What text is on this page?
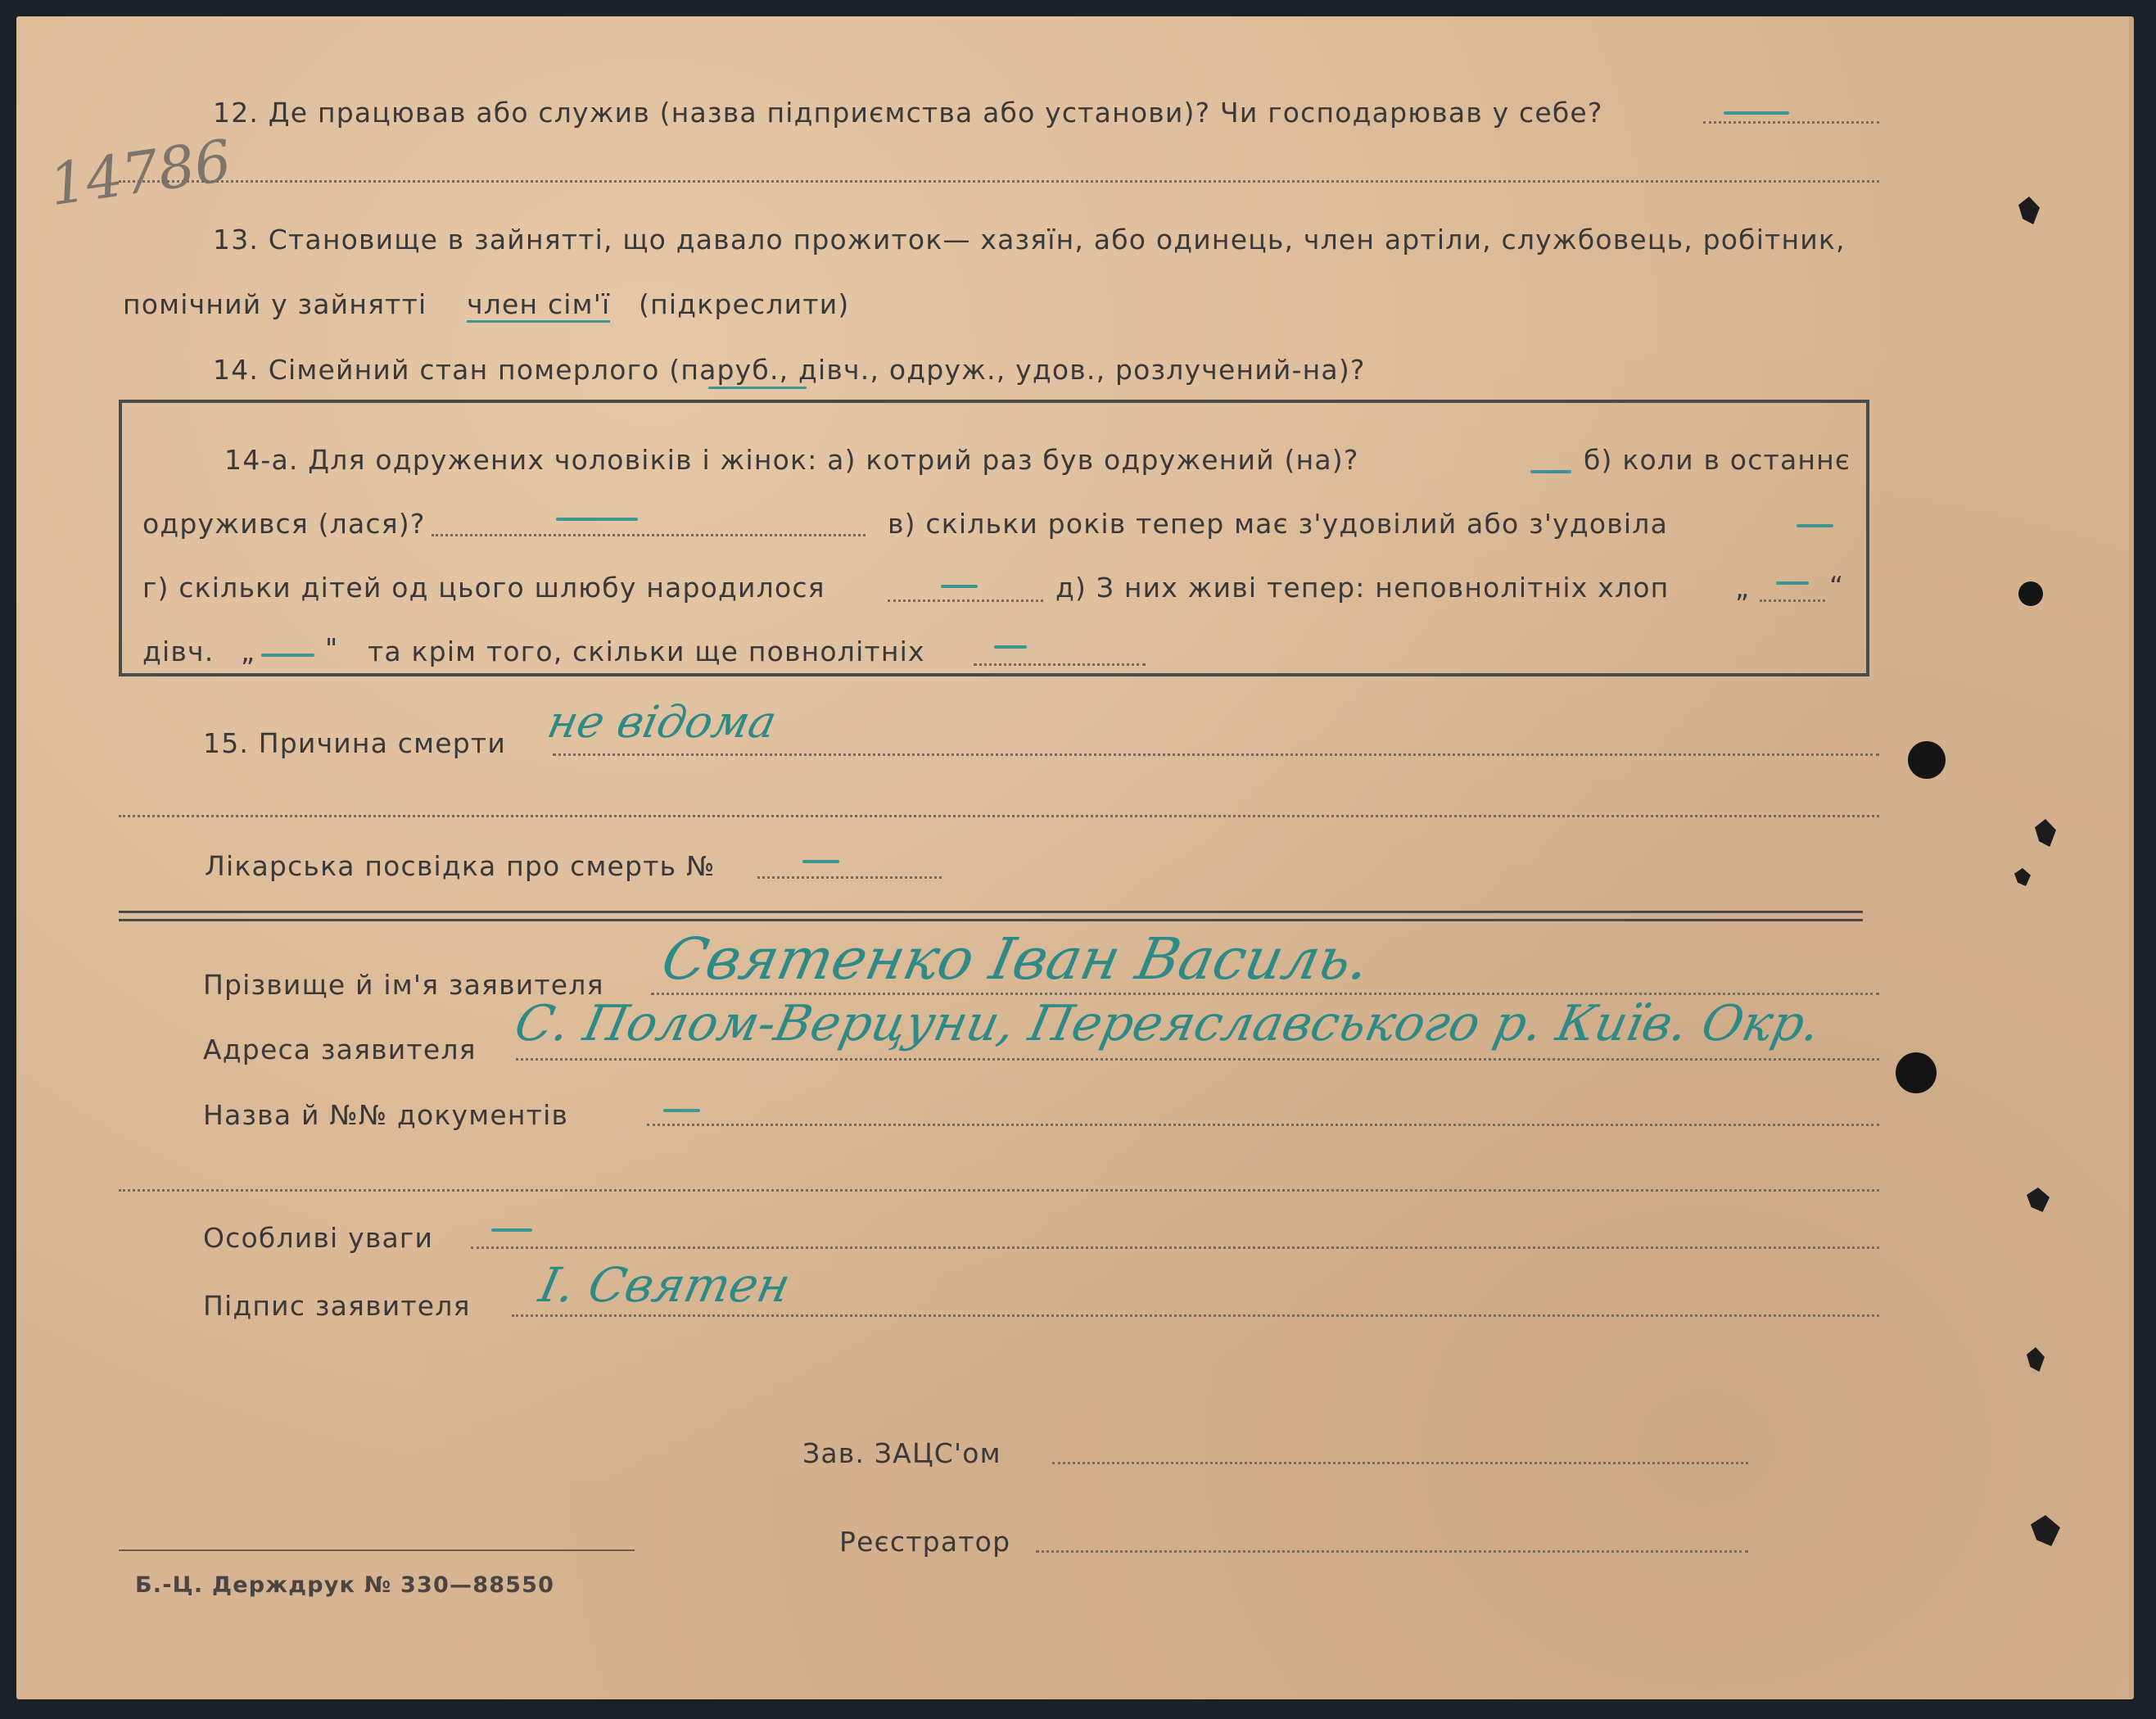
14786
12. Де працював або служив (назва підприємства або установи)? Чи господарював у себе?
13. Становище в зайнятті, що давало прожиток— хазяїн, або одинець, член артіли, службовець, робітник,
помічний у зайнятті член сім'ї (підкреслити)
14. Сімейний стан померлого (паруб., дівч., одруж., удов., розлучений-на)?
14-а. Для одружених чоловіків і жінок: а) котрий раз був одружений (на)?	б) коли в останнє
одружився (лася)?	в) скільки років тепер має з'удовілий або з'удовіла
г) скільки дітей од цього шлюбу народилося	д) З них живі тепер: неповнолітніх хлоп „	“
дівч. „	" та крім того, скільки ще повнолітніх
15. Причина смерти не відома
Лікарська посвідка про смерть №
Прізвище й ім'я заявителя Святенко Іван Василь.
Адреса заявителя С. Полом-Верцуни, Переяславського р. Київ. Окр.
Назва й №№ документів
Особливі уваги
Підпис заявителя І. Святен
Зав. ЗАЦС'ом
Реєстратор
Б.-Ц. Держдрук № 330—88550
